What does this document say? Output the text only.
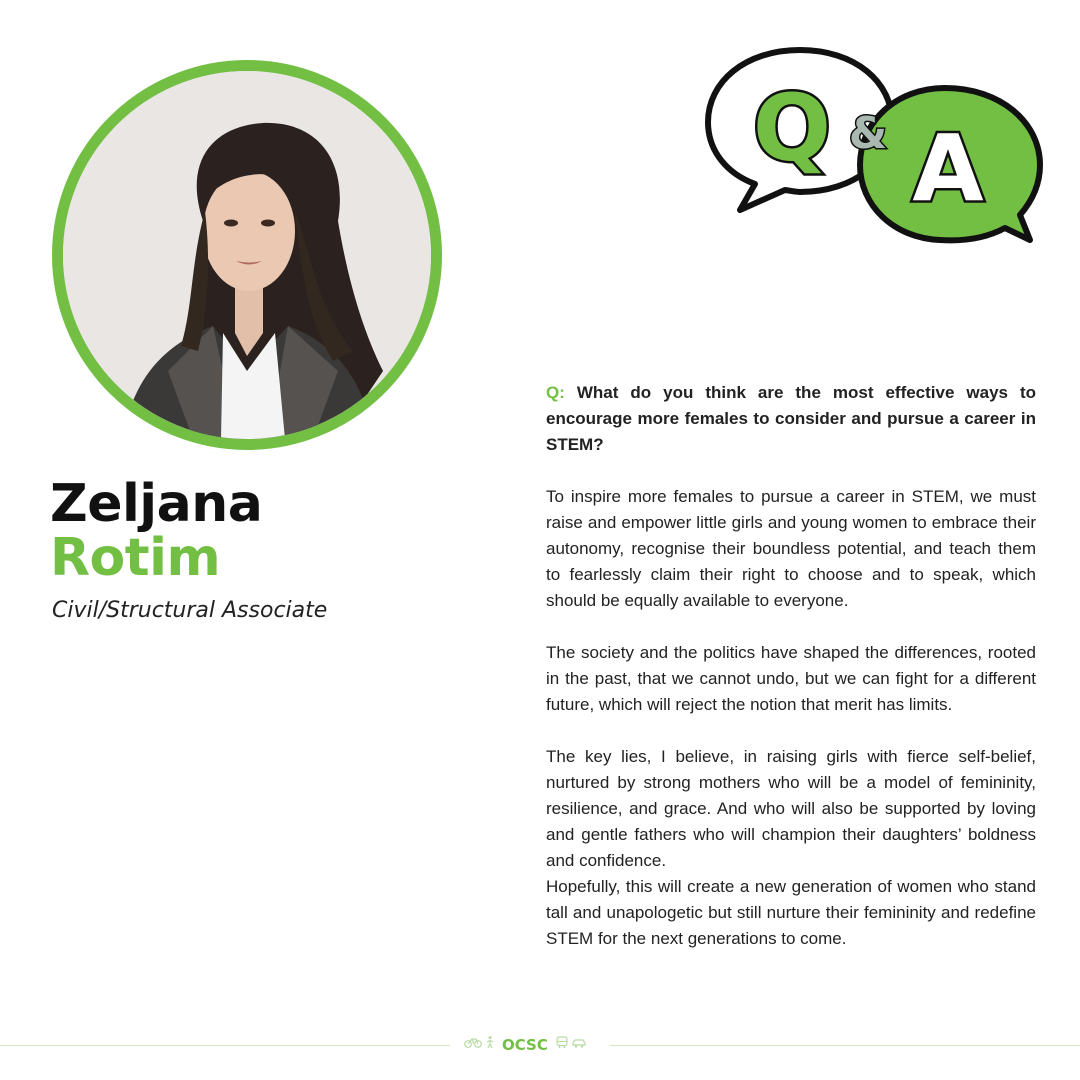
Zeljana
Rotim
Civil/Structural Associate
Q A
&

Q: What do you think are the most effective ways to encourage more females to consider and pursue a career in STEM?

To inspire more females to pursue a career in STEM, we must raise and empower little girls and young women to embrace their autonomy, recognise their boundless potential, and teach them to fearlessly claim their right to choose and to speak, which should be equally available to everyone.

The society and the politics have shaped the differences, rooted in the past, that we cannot undo, but we can fight for a different future, which will reject the notion that merit has limits.

The key lies, I believe, in raising girls with fierce self-belief, nurtured by strong mothers who will be a model of femininity, resilience, and grace. And who will also be supported by loving and gentle fathers who will champion their daughters’ boldness and confidence.

Hopefully, this will create a new generation of women who stand tall and unapologetic but still nurture their femininity and redefine STEM for the next generations to come.

OCSC
